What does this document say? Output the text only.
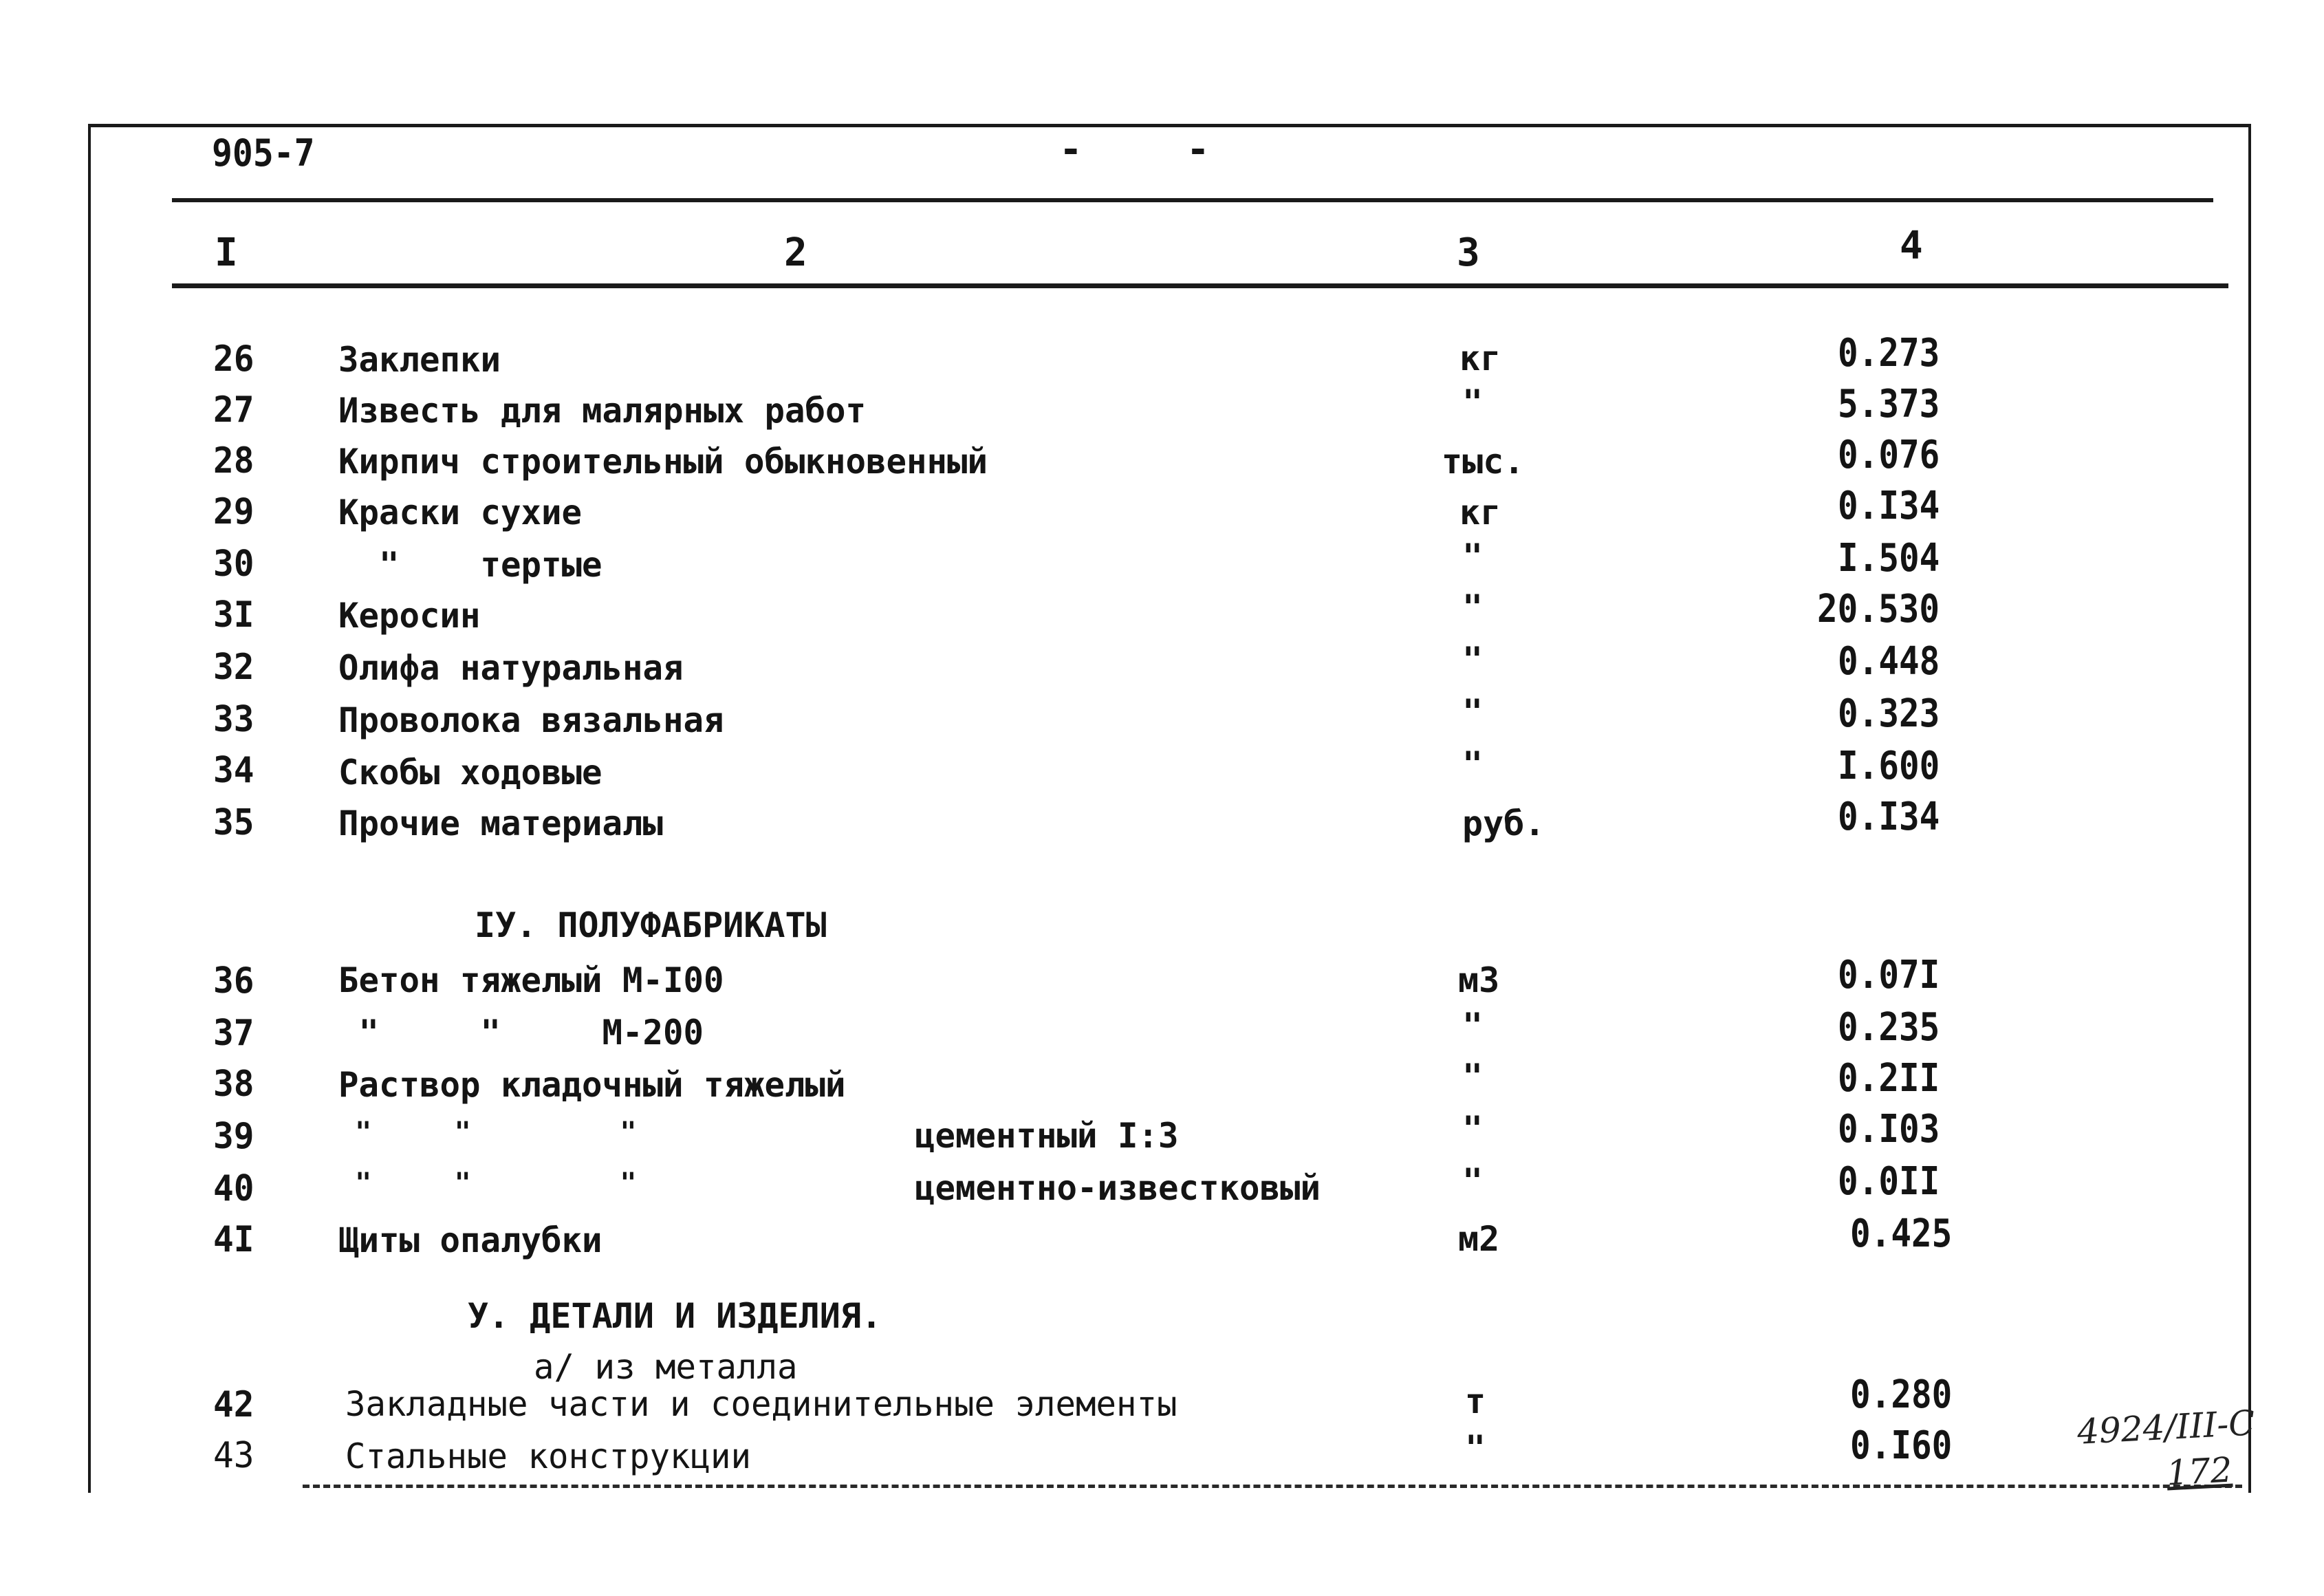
905-7	-	-
I	2	3	4
26 Заклепки	кг	0.273
27 Известь для малярных работ	"	5.373
28 Кирпич строительный обыкновенный	тыс.	0.076
29 Краски сухие	кг	0.I34
30 "    тертые	"	I.504
3I Керосин	"	20.530
32 Олифа натуральная	"	0.448
33 Проволока вязальная	"	0.323
34 Скобы ходовые	"	I.600
35 Прочие материалы	руб.	0.I34
IУ. ПОЛУФАБРИКАТЫ
36 Бетон тяжелый М-I00	м3	0.07I
37 "     "     М-200	"	0.235
38 Раствор кладочный тяжелый	"	0.2II
39	"     "         "	цементный I:3	"	0.I03
40	"     "         "	цементно-известковый	"	0.0II
4I Щиты опалубки	м2	0.425
У. ДЕТАЛИ И ИЗДЕЛИЯ.
а/ из металла
42	Закладные части и соединительные элементы	т	0.280
43	Стальные конструкции	"	0.I60	4924/III-С
172
